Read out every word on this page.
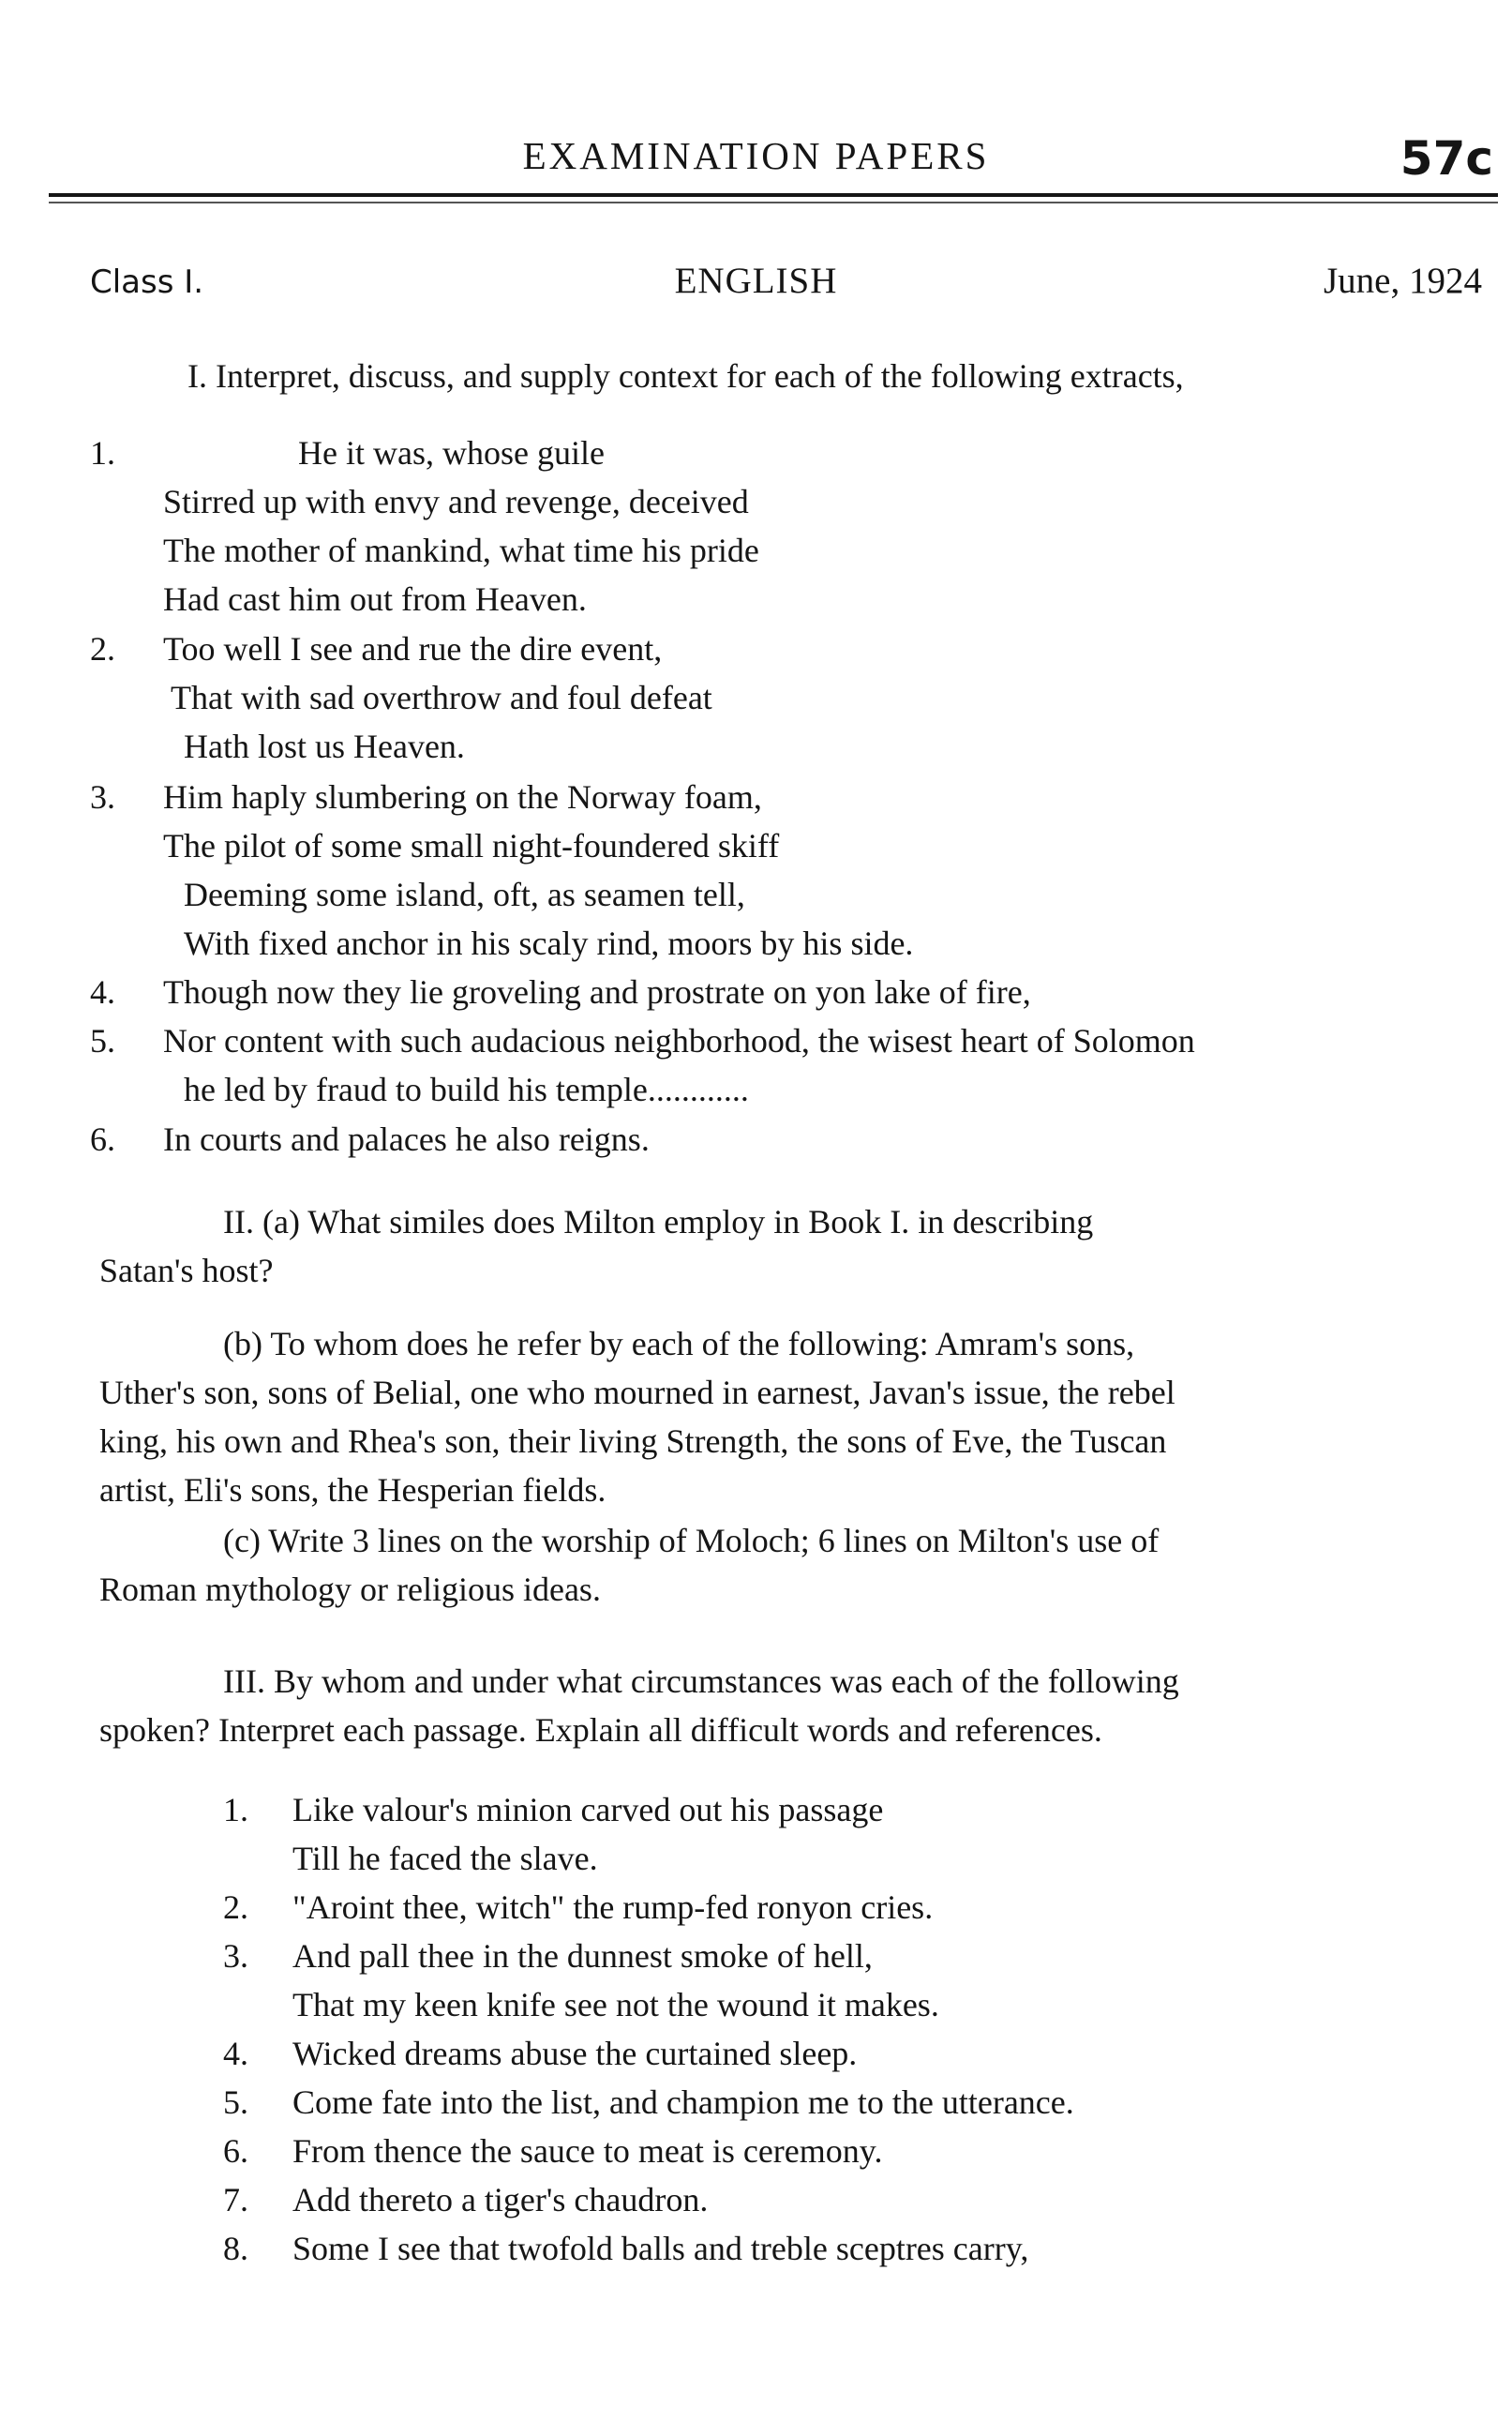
EXAMINATION PAPERS	57c
Class I.	ENGLISH	June, 1924
I. Interpret, discuss, and supply context for each of the following extracts,
1.	He it was, whose guile
Stirred up with envy and revenge, deceived
The mother of mankind, what time his pride
Had cast him out from Heaven.
2. Too well I see and rue the dire event,
That with sad overthrow and foul defeat
Hath lost us Heaven.
3. Him haply slumbering on the Norway foam,
The pilot of some small night-foundered skiff
Deeming some island, oft, as seamen tell,
With fixed anchor in his scaly rind, moors by his side.
4. Though now they lie groveling and prostrate on yon lake of fire,
5. Nor content with such audacious neighborhood, the wisest heart of Solomon
he led by fraud to build his temple............
6. In courts and palaces he also reigns.
II. (a) What similes does Milton employ in Book I. in describing
Satan's host?
(b) To whom does he refer by each of the following: Amram's sons,
Uther's son, sons of Belial, one who mourned in earnest, Javan's issue, the rebel
king, his own and Rhea's son, their living Strength, the sons of Eve, the Tuscan
artist, Eli's sons, the Hesperian fields.
(c) Write 3 lines on the worship of Moloch; 6 lines on Milton's use of
Roman mythology or religious ideas.
III. By whom and under what circumstances was each of the following
spoken? Interpret each passage. Explain all difficult words and references.
1. Like valour's minion carved out his passage
Till he faced the slave.
2. "Aroint thee, witch" the rump-fed ronyon cries.
3. And pall thee in the dunnest smoke of hell,
That my keen knife see not the wound it makes.
4. Wicked dreams abuse the curtained sleep.
5. Come fate into the list, and champion me to the utterance.
6. From thence the sauce to meat is ceremony.
7. Add thereto a tiger's chaudron.
8. Some I see that twofold balls and treble sceptres carry,
